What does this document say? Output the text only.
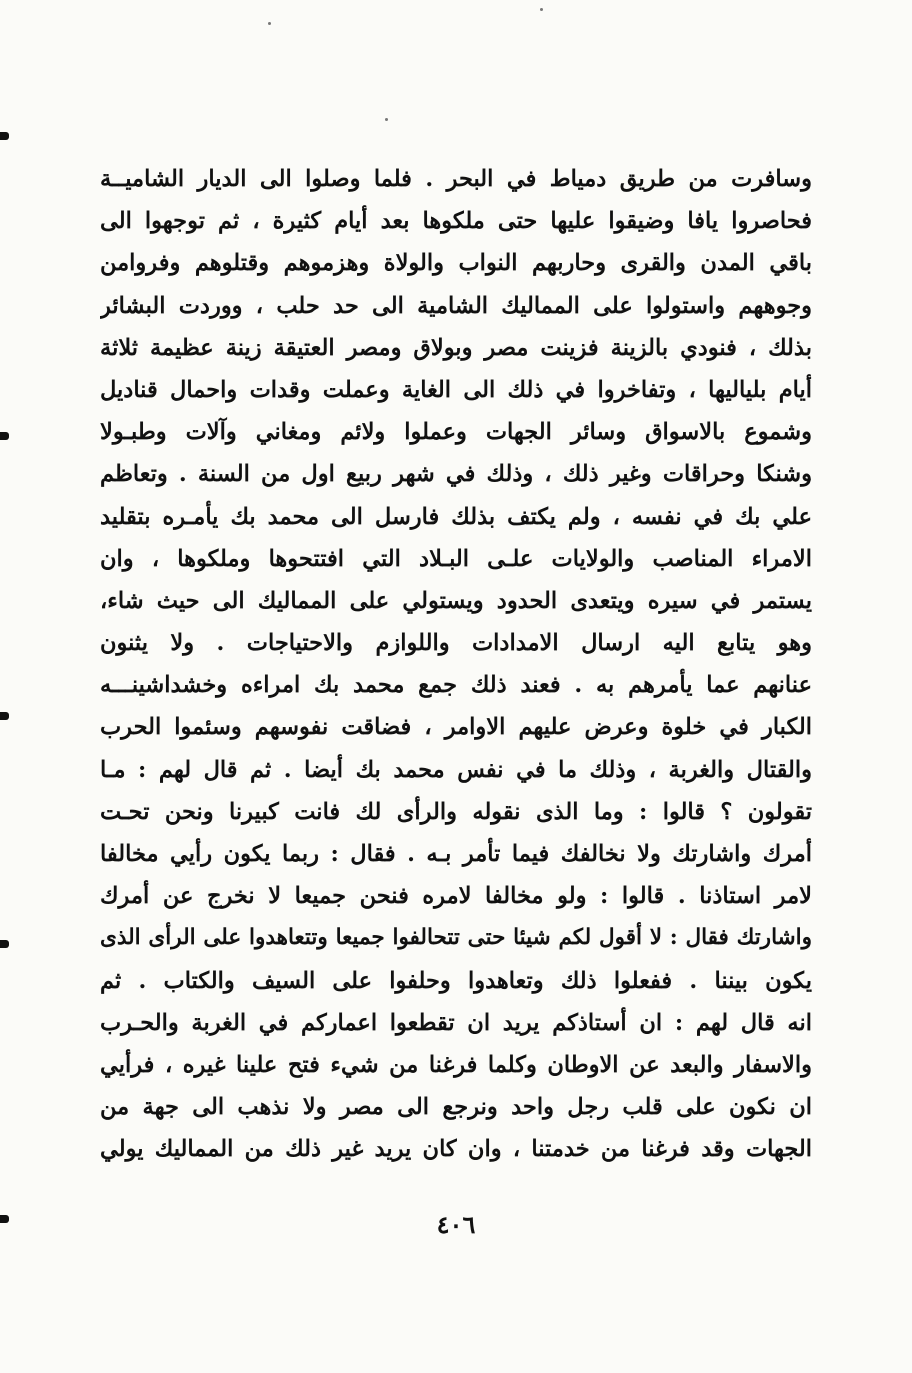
وسافرت من طريق دمياط في البحر . فلما وصلوا الى الديار الشاميــة
فحاصروا يافا وضيقوا عليها حتى ملكوها بعد أيام كثيرة ، ثم توجهوا الى
باقي المدن والقرى وحاربهم النواب والولاة وهزموهم وقتلوهم وفروامن
وجوههم واستولوا على المماليك الشامية الى حد حلب ، ووردت البشائر
بذلك ، فنودي بالزينة فزينت مصر وبولاق ومصر العتيقة زينة عظيمة ثلاثة
أيام بلياليها ، وتفاخروا في ذلك الى الغاية وعملت وقدات واحمال قناديل
وشموع بالاسواق وسائر الجهات وعملوا ولائم ومغاني وآلات وطبـولا
وشنكا وحراقات وغير ذلك ، وذلك في شهر ربيع اول من السنة . وتعاظم
علي بك في نفسه ، ولم يكتف بذلك فارسل الى محمد بك يأمـره بتقليد
الامراء المناصب والولايات علـى البـلاد التي افتتحوها وملكوها ، وان
يستمر في سيره ويتعدى الحدود ويستولي على المماليك الى حيث شاء،
وهو يتابع اليه ارسال الامدادات واللوازم والاحتياجات . ولا يثنون
عنانهم عما يأمرهم به . فعند ذلك جمع محمد بك امراءه وخشداشينـــه
الكبار في خلوة وعرض عليهم الاوامر ، فضاقت نفوسهم وسئموا الحرب
والقتال والغربة ، وذلك ما في نفس محمد بك أيضا . ثم قال لهم : مـا
تقولون ؟ قالوا : وما الذى نقوله والرأى لك فانت كبيرنا ونحن تحـت
أمرك واشارتك ولا نخالفك فيما تأمر بـه . فقال : ربما يكون رأيي مخالفا
لامر استاذنا . قالوا : ولو مخالفا لامره فنحن جميعا لا نخرج عن أمرك
واشارتك فقال : لا أقول لكم شيئا حتى تتحالفوا جميعا وتتعاهدوا على الرأى الذى
يكون بيننا . ففعلوا ذلك وتعاهدوا وحلفوا على السيف والكتاب . ثم
انه قال لهم : ان أستاذكم يريد ان تقطعوا اعماركم في الغربة والحـرب
والاسفار والبعد عن الاوطان وكلما فرغنا من شيء فتح علينا غيره ، فرأيي
ان نكون على قلب رجل واحد ونرجع الى مصر ولا نذهب الى جهة من
الجهات وقد فرغنا من خدمتنا ، وان كان يريد غير ذلك من المماليك يولي
٤٠٦
